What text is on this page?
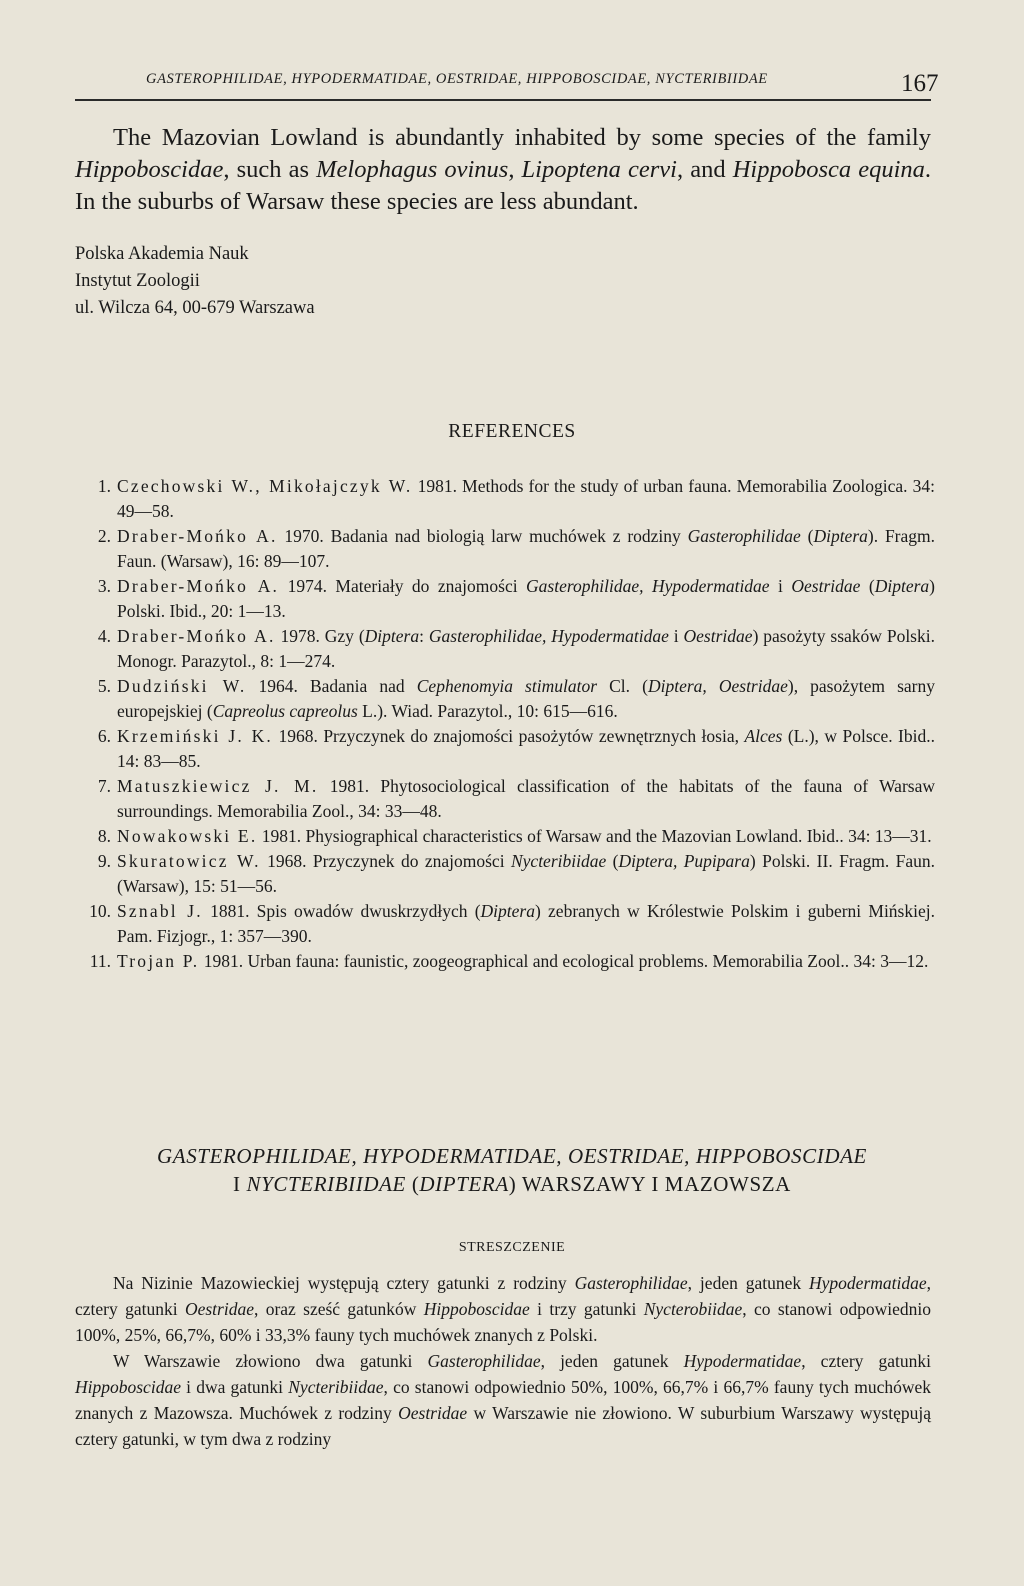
GASTEROPHILIDAE, HYPODERMATIDAE, OESTRIDAE, HIPPOBOSCIDAE, NYCTERIBIIDAE	167
The Mazovian Lowland is abundantly inhabited by some species of the family Hippoboscidae, such as Melophagus ovinus, Lipoptena cervi, and Hippobosca equina. In the suburbs of Warsaw these species are less abundant.
Polska Akademia Nauk
Instytut Zoologii
ul. Wilcza 64, 00-679 Warszawa
REFERENCES
1. Czechowski W., Mikołajczyk W. 1981. Methods for the study of urban fauna. Memorabilia Zoologica. 34: 49—58.
2. Draber-Mońko A. 1970. Badania nad biologią larw muchówek z rodziny Gasterophilidae (Diptera). Fragm. Faun. (Warsaw), 16: 89—107.
3. Draber-Mońko A. 1974. Materiały do znajomości Gasterophilidae, Hypodermatidae i Oestridae (Diptera) Polski. Ibid., 20: 1—13.
4. Draber-Mońko A. 1978. Gzy (Diptera: Gasterophilidae, Hypodermatidae i Oestridae) pasożyty ssaków Polski. Monogr. Parazytol., 8: 1—274.
5. Dudziński W. 1964. Badania nad Cephenomyia stimulator Cl. (Diptera, Oestridae), pasożytem sarny europejskiej (Capreolus capreolus L.). Wiad. Parazytol., 10: 615—616.
6. Krzemiński J. K. 1968. Przyczynek do znajomości pasożytów zewnętrznych łosia, Alces (L.), w Polsce. Ibid.. 14: 83—85.
7. Matuszkiewicz J. M. 1981. Phytosociological classification of the habitats of the fauna of Warsaw surroundings. Memorabilia Zool., 34: 33—48.
8. Nowakowski E. 1981. Physiographical characteristics of Warsaw and the Mazovian Lowland. Ibid.. 34: 13—31.
9. Skuratowicz W. 1968. Przyczynek do znajomości Nycteribiidae (Diptera, Pupipara) Polski. II. Fragm. Faun. (Warsaw), 15: 51—56.
10. Sznabl J. 1881. Spis owadów dwuskrzydłych (Diptera) zebranych w Królestwie Polskim i guberni Mińskiej. Pam. Fizjogr., 1: 357—390.
11. Trojan P. 1981. Urban fauna: faunistic, zoogeographical and ecological problems. Memorabilia Zool.. 34: 3—12.
GASTEROPHILIDAE, HYPODERMATIDAE, OESTRIDAE, HIPPOBOSCIDAE
I NYCTERIBIIDAE (DIPTERA) WARSZAWY I MAZOWSZA
STRESZCZENIE

Na Nizinie Mazowieckiej występują cztery gatunki z rodziny Gasterophilidae, jeden gatunek Hypodermatidae, cztery gatunki Oestridae, oraz sześć gatunków Hippoboscidae i trzy gatunki Nycterobiidae, co stanowi odpowiednio 100%, 25%, 66,7%, 60% i 33,3% fauny tych muchówek znanych z Polski.

W Warszawie złowiono dwa gatunki Gasterophilidae, jeden gatunek Hypodermatidae, cztery gatunki Hippoboscidae i dwa gatunki Nycteribiidae, co stanowi odpowiednio 50%, 100%, 66,7% i 66,7% fauny tych muchówek znanych z Mazowsza. Muchówek z rodziny Oestridae w Warszawie nie złowiono. W suburbium Warszawy występują cztery gatunki, w tym dwa z rodziny
